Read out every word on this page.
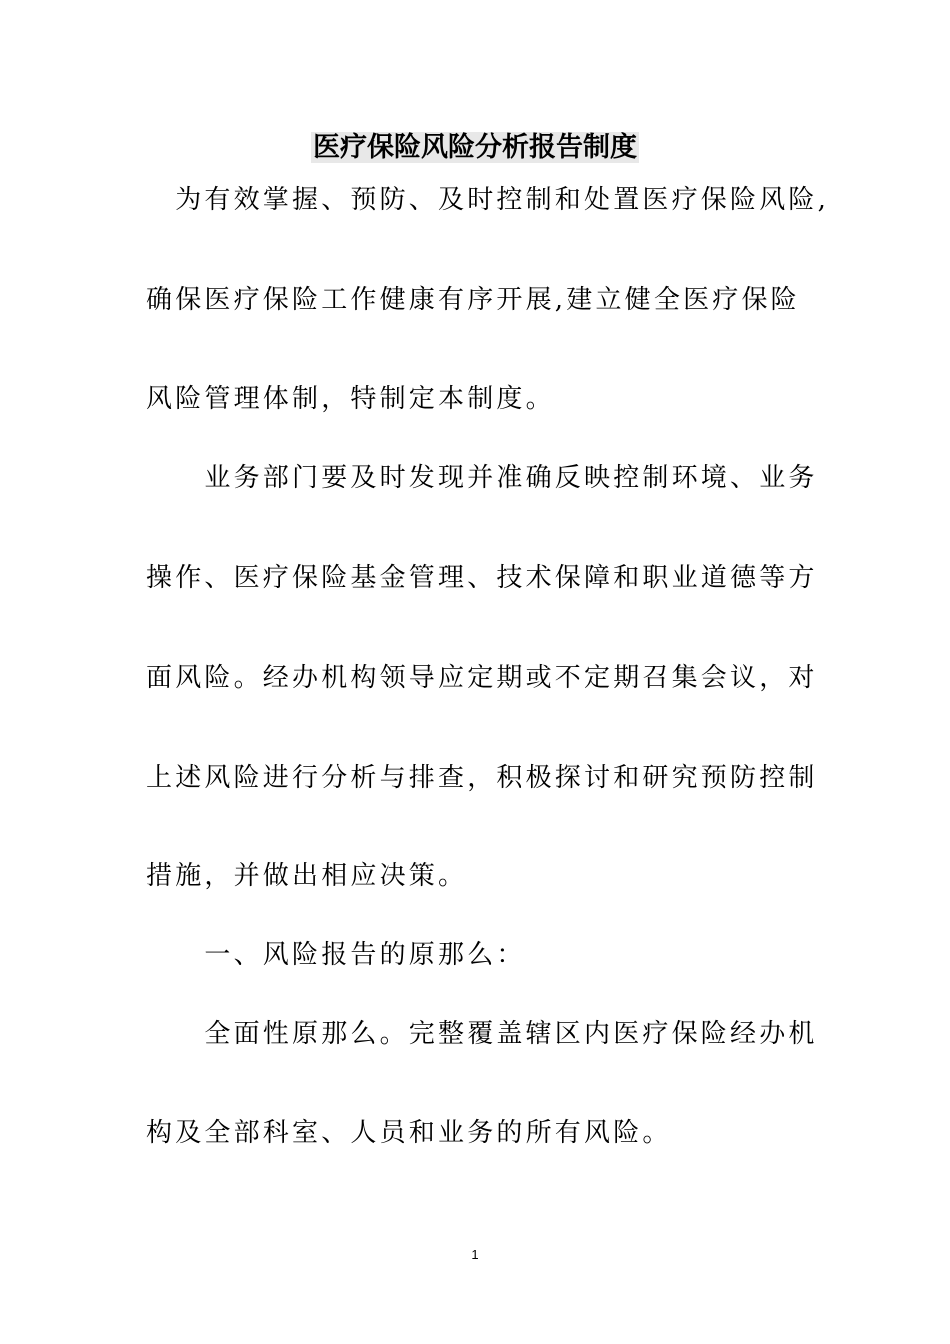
医疗保险风险分析报告制度
　为有效掌握、预防、及时控制和处置医疗保险风险,
确保医疗保险工作健康有序开展,建立健全医疗保险
风险管理体制，特制定本制度。
　　业务部门要及时发现并准确反映控制环境、业务
操作、医疗保险基金管理、技术保障和职业道德等方
面风险。经办机构领导应定期或不定期召集会议，对
上述风险进行分析与排查，积极探讨和研究预防控制
措施，并做出相应决策。
　　一、风险报告的原那么：
　　全面性原那么。完整覆盖辖区内医疗保险经办机
构及全部科室、人员和业务的所有风险。
1
